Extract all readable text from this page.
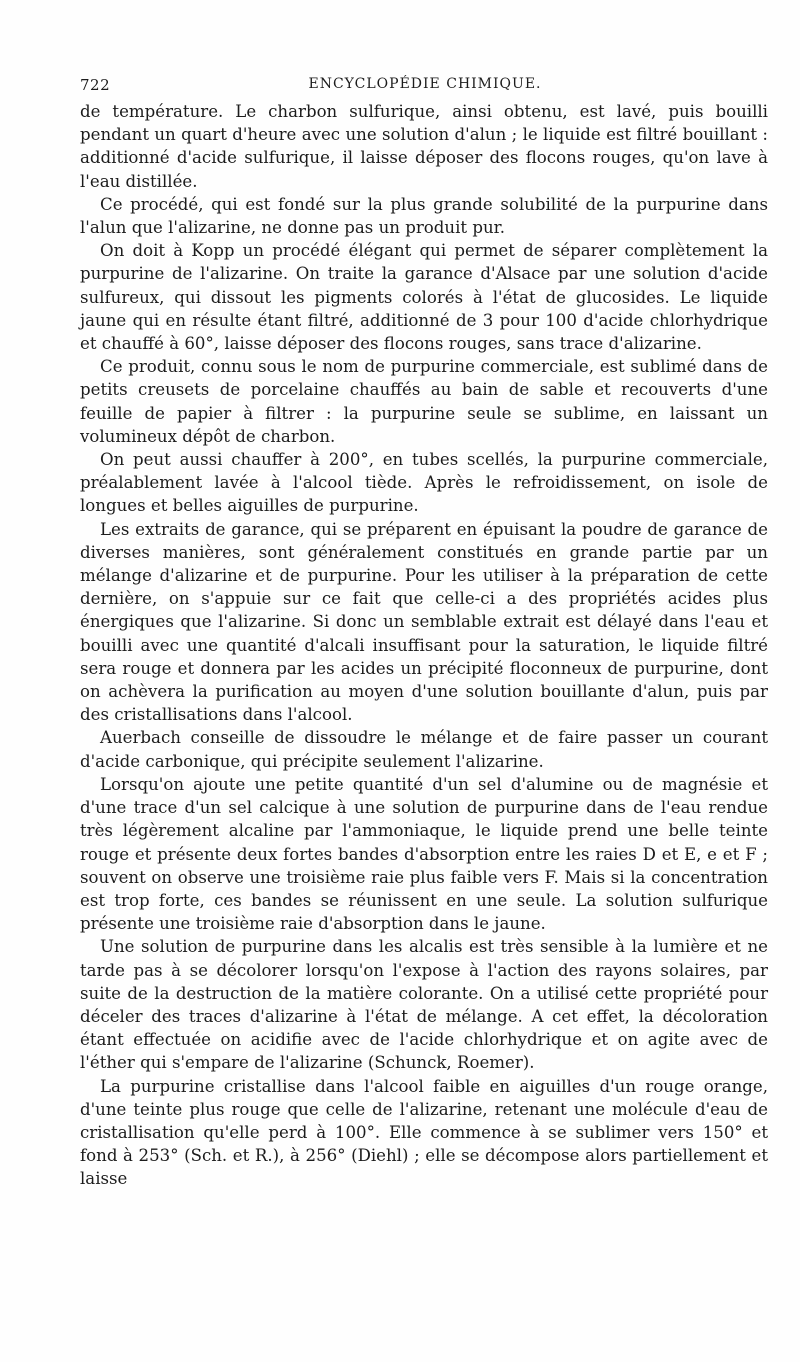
722	ENCYCLOPÉDIE CHIMIQUE.

de température. Le charbon sulfurique, ainsi obtenu, est lavé, puis bouilli pendant un quart d'heure avec une solution d'alun ; le liquide est filtré bouillant : additionné d'acide sulfurique, il laisse déposer des flocons rouges, qu'on lave à l'eau distillée.

Ce procédé, qui est fondé sur la plus grande solubilité de la purpurine dans l'alun que l'alizarine, ne donne pas un produit pur.

On doit à Kopp un procédé élégant qui permet de séparer complètement la purpurine de l'alizarine. On traite la garance d'Alsace par une solution d'acide sulfureux, qui dissout les pigments colorés à l'état de glucosides. Le liquide jaune qui en résulte étant filtré, additionné de 3 pour 100 d'acide chlorhydrique et chauffé à 60°, laisse déposer des flocons rouges, sans trace d'alizarine.

Ce produit, connu sous le nom de purpurine commerciale, est sublimé dans de petits creusets de porcelaine chauffés au bain de sable et recouverts d'une feuille de papier à filtrer : la purpurine seule se sublime, en laissant un volumineux dépôt de charbon.

On peut aussi chauffer à 200°, en tubes scellés, la purpurine commerciale, préalablement lavée à l'alcool tiède. Après le refroidissement, on isole de longues et belles aiguilles de purpurine.

Les extraits de garance, qui se préparent en épuisant la poudre de garance de diverses manières, sont généralement constitués en grande partie par un mélange d'alizarine et de purpurine. Pour les utiliser à la préparation de cette dernière, on s'appuie sur ce fait que celle-ci a des propriétés acides plus énergiques que l'alizarine. Si donc un semblable extrait est délayé dans l'eau et bouilli avec une quantité d'alcali insuffisant pour la saturation, le liquide filtré sera rouge et donnera par les acides un précipité floconneux de purpurine, dont on achèvera la purification au moyen d'une solution bouillante d'alun, puis par des cristallisations dans l'alcool.

Auerbach conseille de dissoudre le mélange et de faire passer un courant d'acide carbonique, qui précipite seulement l'alizarine.

Lorsqu'on ajoute une petite quantité d'un sel d'alumine ou de magnésie et d'une trace d'un sel calcique à une solution de purpurine dans de l'eau rendue très légèrement alcaline par l'ammoniaque, le liquide prend une belle teinte rouge et présente deux fortes bandes d'absorption entre les raies D et E, e et F ; souvent on observe une troisième raie plus faible vers F. Mais si la concentration est trop forte, ces bandes se réunissent en une seule. La solution sulfurique présente une troisième raie d'absorption dans le jaune.

Une solution de purpurine dans les alcalis est très sensible à la lumière et ne tarde pas à se décolorer lorsqu'on l'expose à l'action des rayons solaires, par suite de la destruction de la matière colorante. On a utilisé cette propriété pour déceler des traces d'alizarine à l'état de mélange. A cet effet, la décoloration étant effectuée on acidifie avec de l'acide chlorhydrique et on agite avec de l'éther qui s'empare de l'alizarine (Schunck, Roemer).

La purpurine cristallise dans l'alcool faible en aiguilles d'un rouge orange, d'une teinte plus rouge que celle de l'alizarine, retenant une molécule d'eau de cristallisation qu'elle perd à 100°. Elle commence à se sublimer vers 150° et fond à 253° (Sch. et R.), à 256° (Diehl) ; elle se décompose alors partiellement et laisse
